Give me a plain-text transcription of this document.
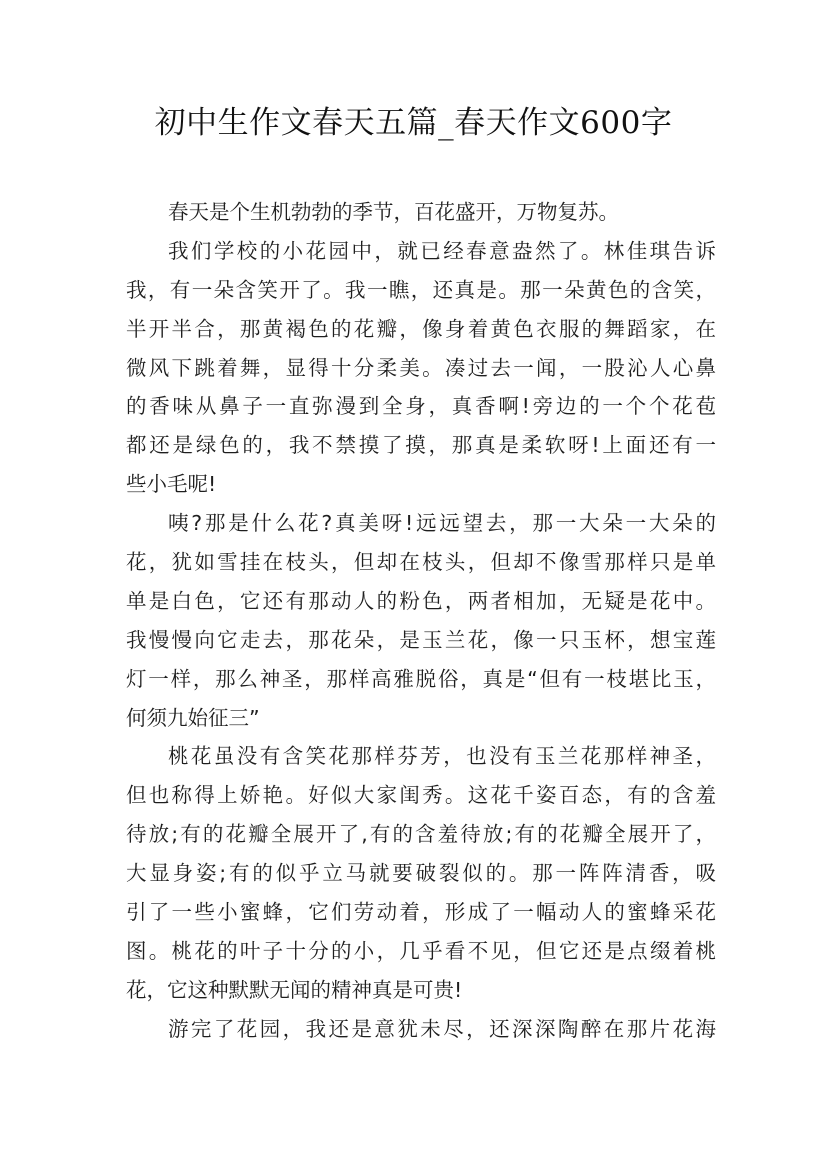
初中生作文春天五篇_春天作文600字
春天是个生机勃勃的季节，百花盛开，万物复苏。
我们学校的小花园中，就已经春意盎然了。林佳琪告诉
我，有一朵含笑开了。我一瞧，还真是。那一朵黄色的含笑，
半开半合，那黄褐色的花瓣，像身着黄色衣服的舞蹈家，在
微风下跳着舞，显得十分柔美。凑过去一闻，一股沁人心鼻
的香味从鼻子一直弥漫到全身，真香啊!旁边的一个个花苞
都还是绿色的，我不禁摸了摸，那真是柔软呀!上面还有一
些小毛呢!
咦?那是什么花?真美呀!远远望去，那一大朵一大朵的
花，犹如雪挂在枝头，但却在枝头，但却不像雪那样只是单
单是白色，它还有那动人的粉色，两者相加，无疑是花中。
我慢慢向它走去，那花朵，是玉兰花，像一只玉杯，想宝莲
灯一样，那么神圣，那样高雅脱俗，真是“但有一枝堪比玉，
何须九始征三”
桃花虽没有含笑花那样芬芳，也没有玉兰花那样神圣，
但也称得上娇艳。好似大家闺秀。这花千姿百态，有的含羞
待放;有的花瓣全展开了,有的含羞待放;有的花瓣全展开了，
大显身姿;有的似乎立马就要破裂似的。那一阵阵清香，吸
引了一些小蜜蜂，它们劳动着，形成了一幅动人的蜜蜂采花
图。桃花的叶子十分的小，几乎看不见，但它还是点缀着桃
花，它这种默默无闻的精神真是可贵!
游完了花园，我还是意犹未尽，还深深陶醉在那片花海
